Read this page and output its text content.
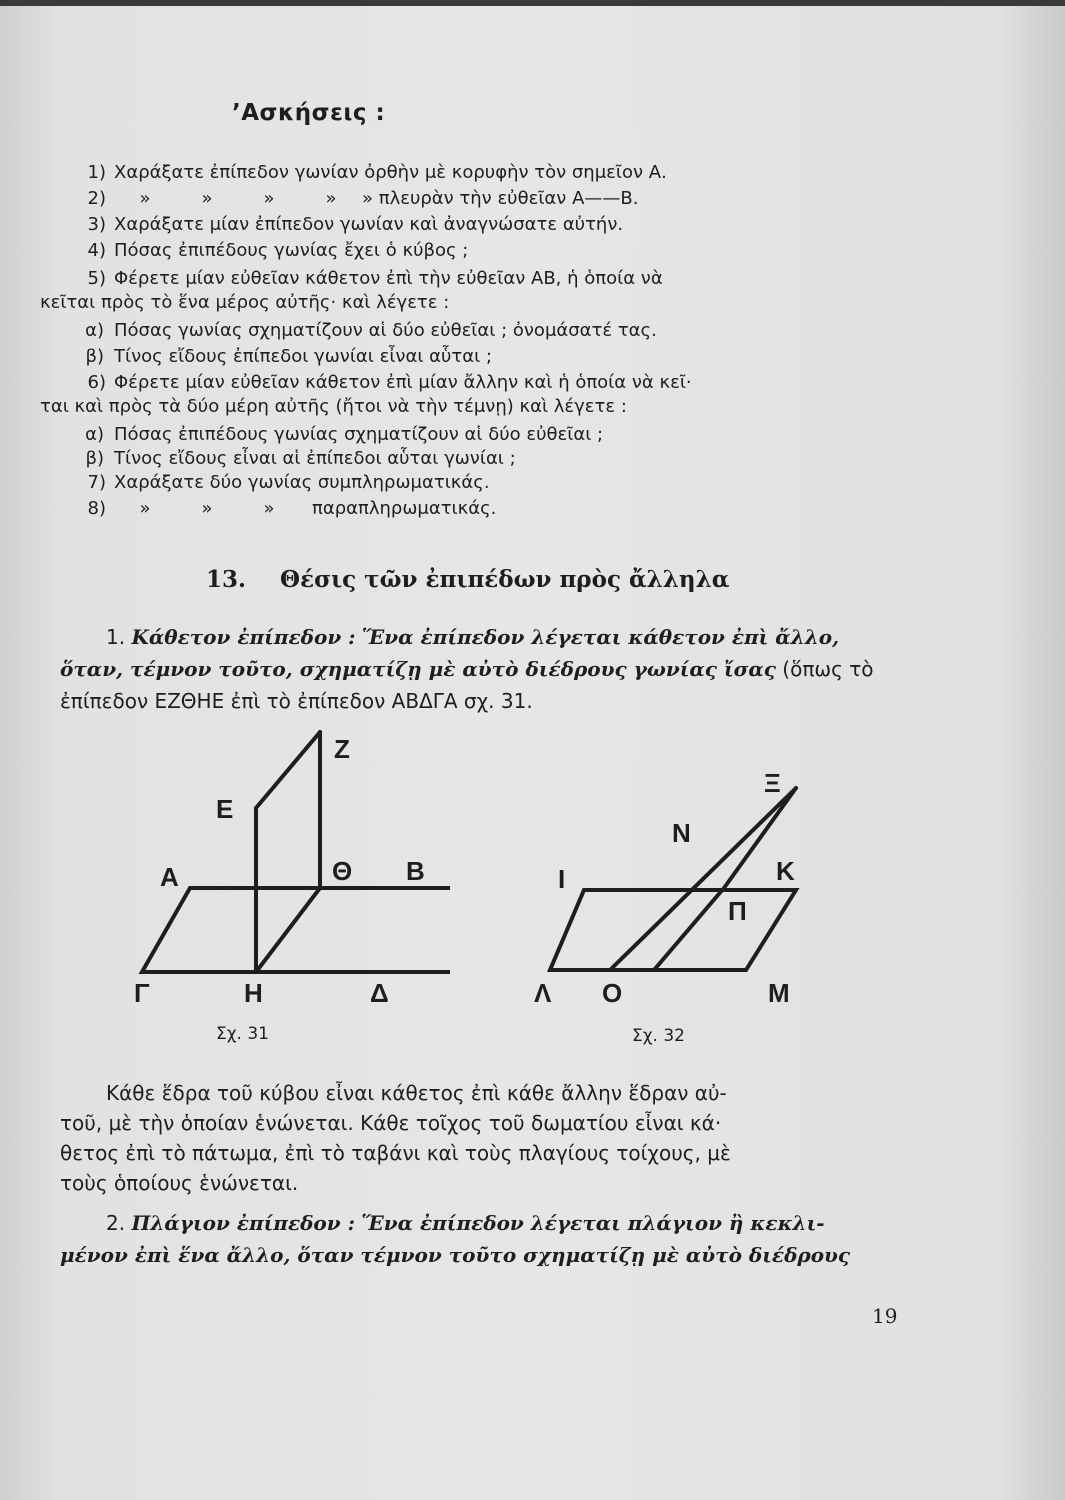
’Ασκήσεις :
1) Χαράξατε ἐπίπεδον γωνίαν ὀρθὴν μὲ κορυφὴν τὸν σημεῖον Α.
2) »	»	»	» » πλευρὰν τὴν εὐθεῖαν Α——Β.
3) Χαράξατε μίαν ἐπίπεδον γωνίαν καὶ ἀναγνώσατε αὐτήν.
4) Πόσας ἐπιπέδους γωνίας ἔχει ὁ κύβος ;
5) Φέρετε μίαν εὐθεῖαν κάθετον ἐπὶ τὴν εὐθεῖαν ΑΒ, ἡ ὁποία νὰ
κεῖται πρὸς τὸ ἕνα μέρος αὐτῆς· καὶ λέγετε :
α) Πόσας γωνίας σχηματίζουν αἱ δύο εὐθεῖαι ; ὀνομάσατέ τας.
β) Τίνος εἴδους ἐπίπεδοι γωνίαι εἶναι αὗται ;
6) Φέρετε μίαν εὐθεῖαν κάθετον ἐπὶ μίαν ἄλλην καὶ ἡ ὁποία νὰ κεῖ·
ται καὶ πρὸς τὰ δύο μέρη αὐτῆς (ἤτοι νὰ τὴν τέμνῃ) καὶ λέγετε :
α) Πόσας ἐπιπέδους γωνίας σχηματίζουν αἱ δύο εὐθεῖαι ;
β) Τίνος εἴδους εἶναι αἱ ἐπίπεδοι αὗται γωνίαι ;
7) Χαράξατε δύο γωνίας συμπληρωματικάς.
8) »	»	» παραπληρωματικάς.
13. Θέσις τῶν ἐπιπέδων πρὸς ἄλληλα
1. Κάθετον ἐπίπεδον : Ἕνα ἐπίπεδον λέγεται κάθετον ἐπὶ ἄλλο,
ὅταν, τέμνον τοῦτο, σχηματίζῃ μὲ αὐτὸ διέδρους γωνίας ἴσας (ὅπως τὸ
ἐπίπεδον ΕΖΘΗΕ ἐπὶ τὸ ἐπίπεδον ΑΒΔΓΑ σχ. 31.
Z
E
A	Θ B
Γ	Η	Δ
Σχ. 31
Ξ
N
I	K
Π
Λ O	M
Σχ. 32
Κάθε ἕδρα τοῦ κύβου εἶναι κάθετος ἐπὶ κάθε ἄλλην ἕδραν αὐ-
τοῦ, μὲ τὴν ὁποίαν ἑνώνεται. Κάθε τοῖχος τοῦ δωματίου εἶναι κά·
θετος ἐπὶ τὸ πάτωμα, ἐπὶ τὸ ταβάνι καὶ τοὺς πλαγίους τοίχους, μὲ
τοὺς ὁποίους ἑνώνεται.
2. Πλάγιον ἐπίπεδον : Ἕνα ἐπίπεδον λέγεται πλάγιον ἢ κεκλι-
μένον ἐπὶ ἕνα ἄλλο, ὅταν τέμνον τοῦτο σχηματίζῃ μὲ αὐτὸ διέδρους
19
